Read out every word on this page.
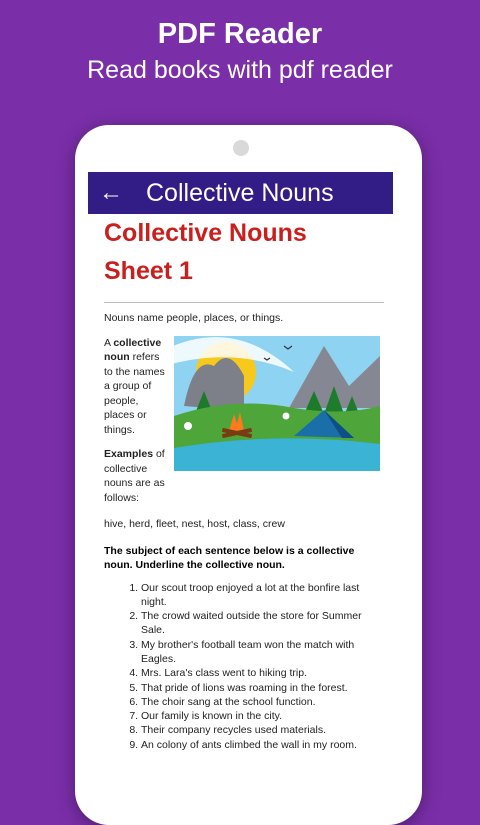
PDF Reader
Read books with pdf reader
← Collective Nouns
Collective Nouns
Sheet 1
Nouns name people, places, or things.
A collective noun refers to the names a group of people, places or things.
Examples of collective nouns are as follows:
hive, herd, fleet, nest, host, class, crew
The subject of each sentence below is a collective noun. Underline the collective noun.
1. Our scout troop enjoyed a lot at the bonfire last night.
2. The crowd waited outside the store for Summer Sale.
3. My brother's football team won the match with Eagles.
4. Mrs. Lara's class went to hiking trip.
5. That pride of lions was roaming in the forest.
6. The choir sang at the school function.
7. Our family is known in the city.
8. Their company recycles used materials.
9. An colony of ants climbed the wall in my room.
